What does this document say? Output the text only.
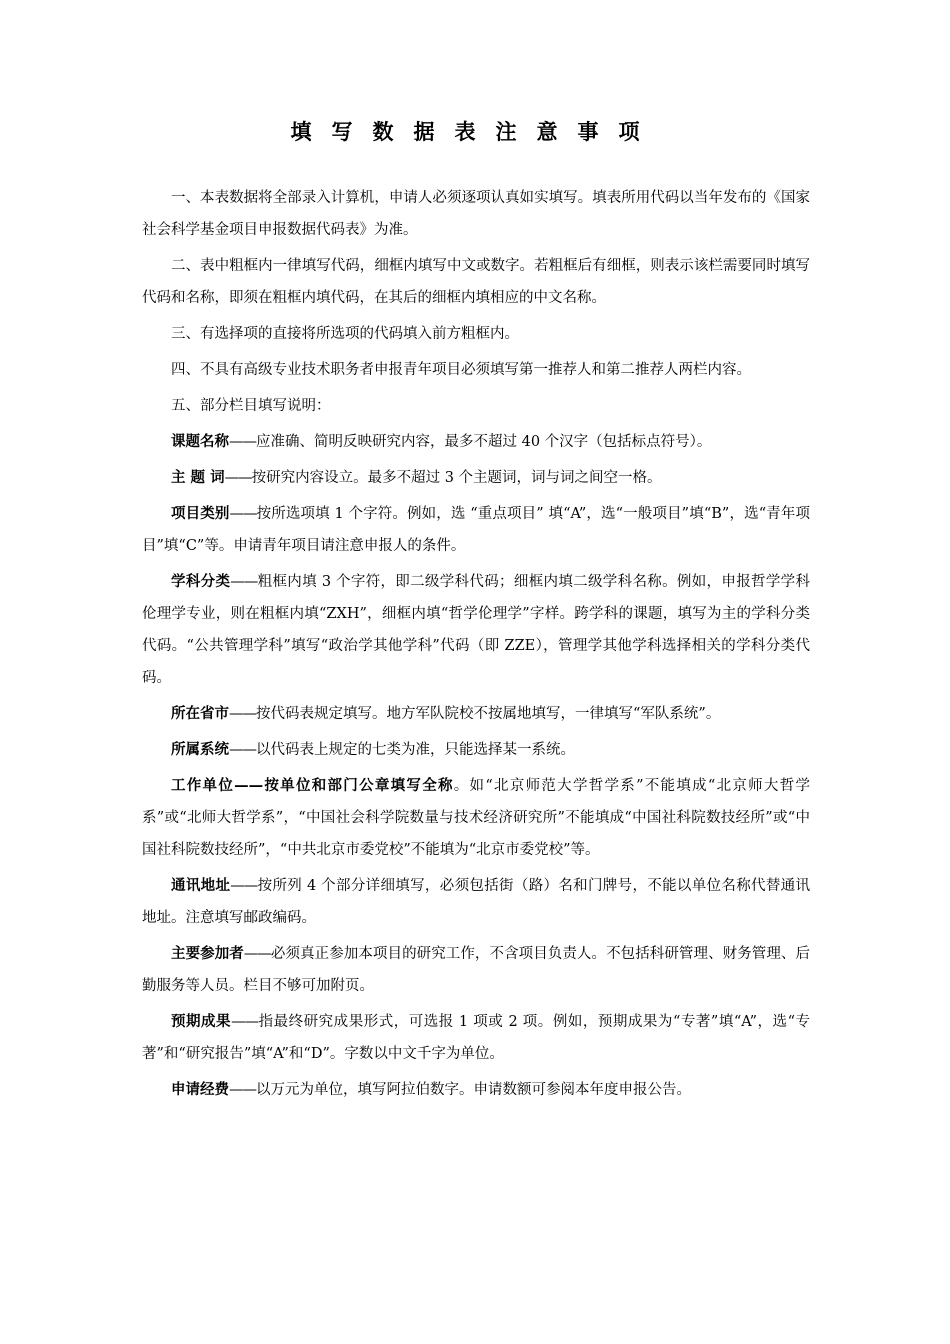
填写数据表注意事项

一、本表数据将全部录入计算机，申请人必须逐项认真如实填写。填表所用代码以当年发布的《国家社会科学基金项目申报数据代码表》为准。

二、表中粗框内一律填写代码，细框内填写中文或数字。若粗框后有细框，则表示该栏需要同时填写代码和名称，即须在粗框内填代码，在其后的细框内填相应的中文名称。

三、有选择项的直接将所选项的代码填入前方粗框内。

四、不具有高级专业技术职务者申报青年项目必须填写第一推荐人和第二推荐人两栏内容。

五、部分栏目填写说明：

课题名称——应准确、简明反映研究内容，最多不超过 40 个汉字（包括标点符号）。

主 题 词——按研究内容设立。最多不超过 3 个主题词，词与词之间空一格。

项目类别——按所选项填 1 个字符。例如，选 “重点项目” 填“A”，选“一般项目”填“B”，选“青年项目”填“C”等。申请青年项目请注意申报人的条件。

学科分类——粗框内填 3 个字符，即二级学科代码；细框内填二级学科名称。例如，申报哲学学科伦理学专业，则在粗框内填“ZXH”，细框内填“哲学伦理学”字样。跨学科的课题，填写为主的学科分类代码。“公共管理学科”填写“政治学其他学科”代码（即 ZZE），管理学其他学科选择相关的学科分类代码。

所在省市——按代码表规定填写。地方军队院校不按属地填写，一律填写“军队系统”。

所属系统——以代码表上规定的七类为准，只能选择某一系统。

工作单位——按单位和部门公章填写全称。如“北京师范大学哲学系”不能填成“北京师大哲学系”或“北师大哲学系”，“中国社会科学院数量与技术经济研究所”不能填成“中国社科院数技经所”或“中国社科院数技经所”，“中共北京市委党校”不能填为“北京市委党校”等。

通讯地址——按所列 4 个部分详细填写，必须包括街（路）名和门牌号，不能以单位名称代替通讯地址。注意填写邮政编码。

主要参加者——必须真正参加本项目的研究工作，不含项目负责人。不包括科研管理、财务管理、后勤服务等人员。栏目不够可加附页。

预期成果——指最终研究成果形式，可选报 1 项或 2 项。例如，预期成果为“专著”填“A”，选“专著”和“研究报告”填“A”和“D”。字数以中文千字为单位。

申请经费——以万元为单位，填写阿拉伯数字。申请数额可参阅本年度申报公告。
